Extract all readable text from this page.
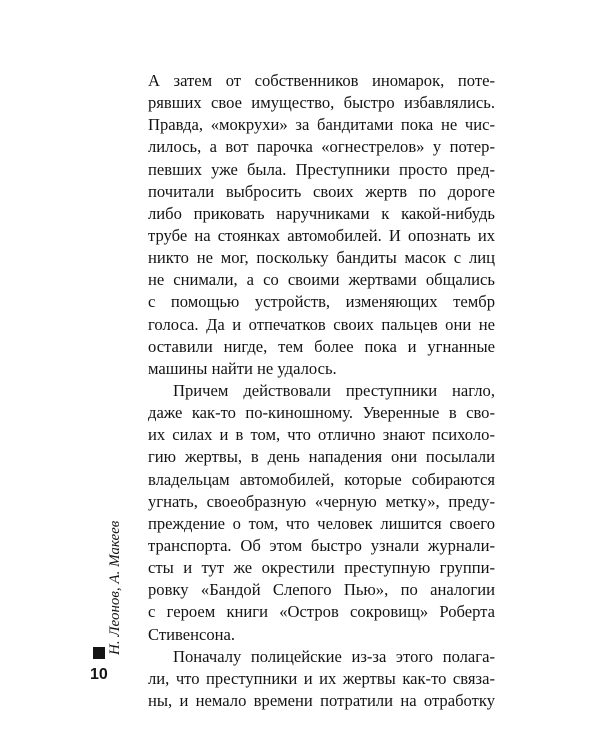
А затем от собственников иномарок, потe-
рявших свое имущество, быстро избавлялись.
Правда, «мокрухи» за бандитами пока не чис-
лилось, а вот парочка «огнестрелов» у потер-
певших уже была. Преступники просто пред-
почитали выбросить своих жертв по дороге
либо приковать наручниками к какой-нибудь
трубе на стоянках автомобилей. И опознать их
никто не мог, поскольку бандиты масок с лиц
не снимали, а со своими жертвами общались
с помощью устройств, изменяющих тембр
голоса. Да и отпечатков своих пальцев они не
оставили нигде, тем более пока и угнанные
машины найти не удалось.
Причем действовали преступники нагло,
даже как-то по-киношному. Уверенные в сво-
их силах и в том, что отлично знают психоло-
гию жертвы, в день нападения они посылали
владельцам автомобилей, которые собираются
угнать, своеобразную «черную метку», преду-
преждение о том, что человек лишится своего
транспорта. Об этом быстро узнали журнали-
сты и тут же окрестили преступную группи-
ровку «Бандой Слепого Пью», по аналогии
с героем книги «Остров сокровищ» Роберта
Стивенсона.
Поначалу полицейские из-за этого полага-
ли, что преступники и их жертвы как-то связа-
ны, и немало времени потратили на отработку
Н. Леонов, А. Макеев
10
